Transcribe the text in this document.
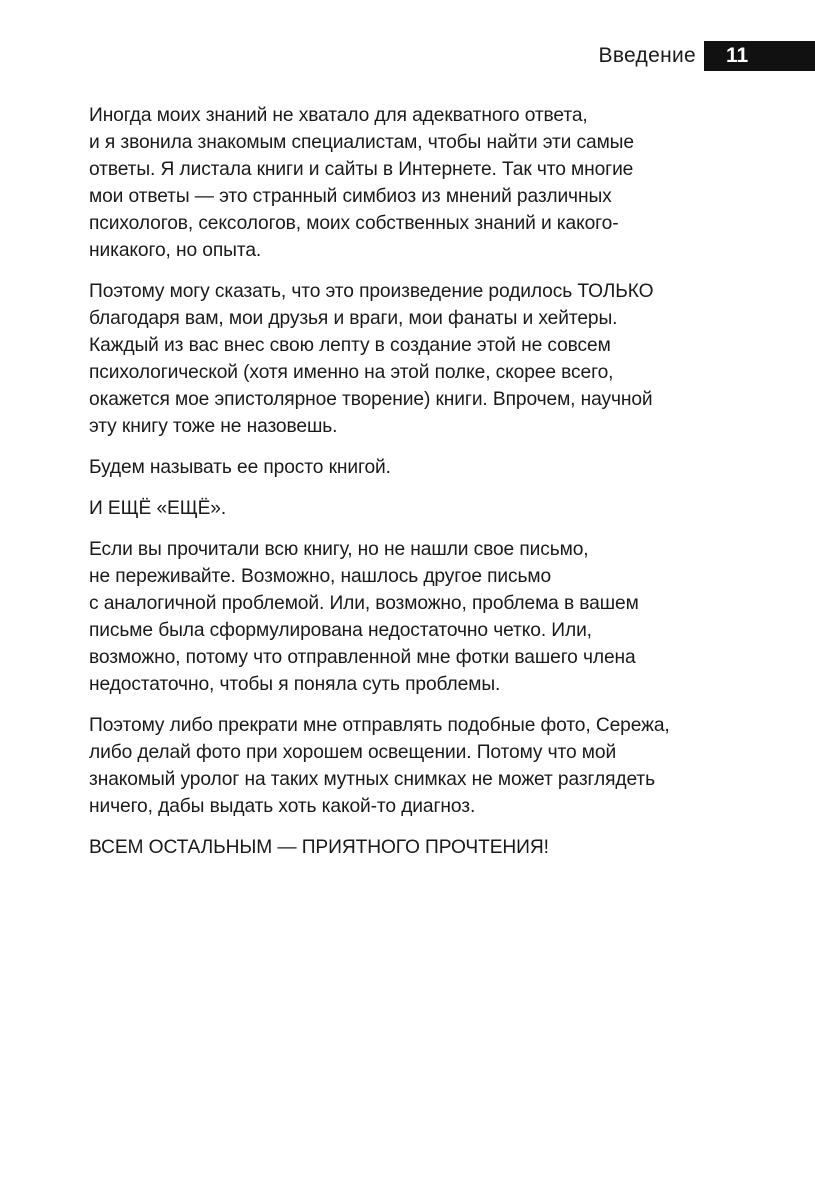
Введение	11

Иногда моих знаний не хватало для адекватного ответа,
и я звонила знакомым специалистам, чтобы найти эти самые
ответы. Я листала книги и сайты в Интернете. Так что многие
мои ответы — это странный симбиоз из мнений различных
психологов, сексологов, моих собственных знаний и какого-
никакого, но опыта.

Поэтому могу сказать, что это произведение родилось ТОЛЬКО
благодаря вам, мои друзья и враги, мои фанаты и хейтеры.
Каждый из вас внес свою лепту в создание этой не совсем
психологической (хотя именно на этой полке, скорее всего,
окажется мое эпистолярное творение) книги. Впрочем, научной
эту книгу тоже не назовешь.

Будем называть ее просто книгой.

И ЕЩЁ «ЕЩЁ».

Если вы прочитали всю книгу, но не нашли свое письмо,
не переживайте. Возможно, нашлось другое письмо
с аналогичной проблемой. Или, возможно, проблема в вашем
письме была сформулирована недостаточно четко. Или,
возможно, потому что отправленной мне фотки вашего члена
недостаточно, чтобы я поняла суть проблемы.

Поэтому либо прекрати мне отправлять подобные фото, Сережа,
либо делай фото при хорошем освещении. Потому что мой
знакомый уролог на таких мутных снимках не может разглядеть
ничего, дабы выдать хоть какой-то диагноз.

ВСЕМ ОСТАЛЬНЫМ — ПРИЯТНОГО ПРОЧТЕНИЯ!
